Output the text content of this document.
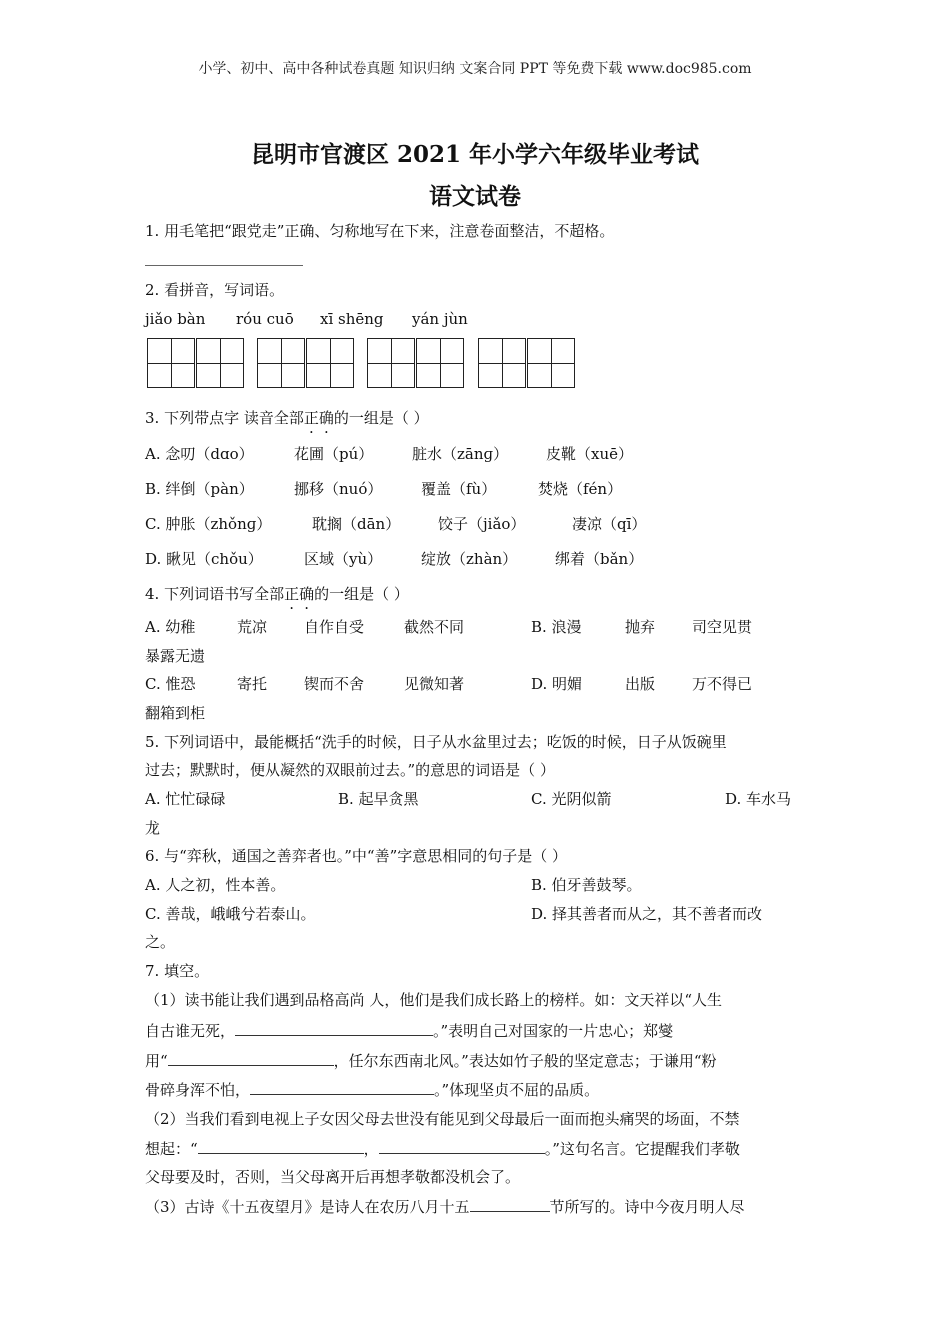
小学、初中、高中各种试卷真题 知识归纳 文案合同 PPT 等免费下载 www.doc985.com
昆明市官渡区 2021 年小学六年级毕业考试
语文试卷
1. 用毛笔把“跟党走”正确、匀称地写在下来，注意卷面整洁，不超格。
2. 看拼音，写词语。
jiǎo bàn róu cuō xī shēng yán jùn
3. 下列带点字 读音全部正确的一组是（ ）
A. 念叨（dɑo）	花圃（pú）	脏水（zānɡ）	皮靴（xuē）
B. 绊倒（pàn）	挪移（nuó）	覆盖（fù）	焚烧（fén）
C. 肿胀（zhǒnɡ）	耽搁（dān）	饺子（jiǎo）	凄凉（qī）
D. 瞅见（chǒu）	区域（yù）	绽放（zhàn）	绑着（bǎn）
4. 下列词语书写全部正确的一组是（ ）
A. 幼稚	荒凉 自作自受	截然不同	B. 浪漫	抛弃 司空见贯
暴露无遗
C. 惟恐	寄托 锲而不舍	见微知著	D. 明媚	出版 万不得已
翻箱到柜
5. 下列词语中，最能概括“洗手的时候，日子从水盆里过去；吃饭的时候，日子从饭碗里
过去；默默时，便从凝然的双眼前过去。”的意思的词语是（ ）
A. 忙忙碌碌	B. 起早贪黑	C. 光阴似箭	D. 车水马
龙
6. 与“弈秋，通国之善弈者也。”中“善”字意思相同的句子是（ ）
A. 人之初，性本善。	B. 伯牙善鼓琴。
C. 善哉，峨峨兮若泰山。	D. 择其善者而从之，其不善者而改
之。
7. 填空。
（1）读书能让我们遇到品格高尚 人，他们是我们成长路上的榜样。如：文天祥以“人生
自古谁无死，	。”表明自己对国家的一片忠心；郑燮
用“	，任尔东西南北风。”表达如竹子般的坚定意志；于谦用“粉
骨碎身浑不怕，	。”体现坚贞不屈的品质。
（2）当我们看到电视上子女因父母去世没有能见到父母最后一面而抱头痛哭的场面，不禁
想起：“	，	。”这句名言。它提醒我们孝敬
父母要及时，否则，当父母离开后再想孝敬都没机会了。
（3）古诗《十五夜望月》是诗人在农历八月十五	节所写的。诗中今夜月明人尽
